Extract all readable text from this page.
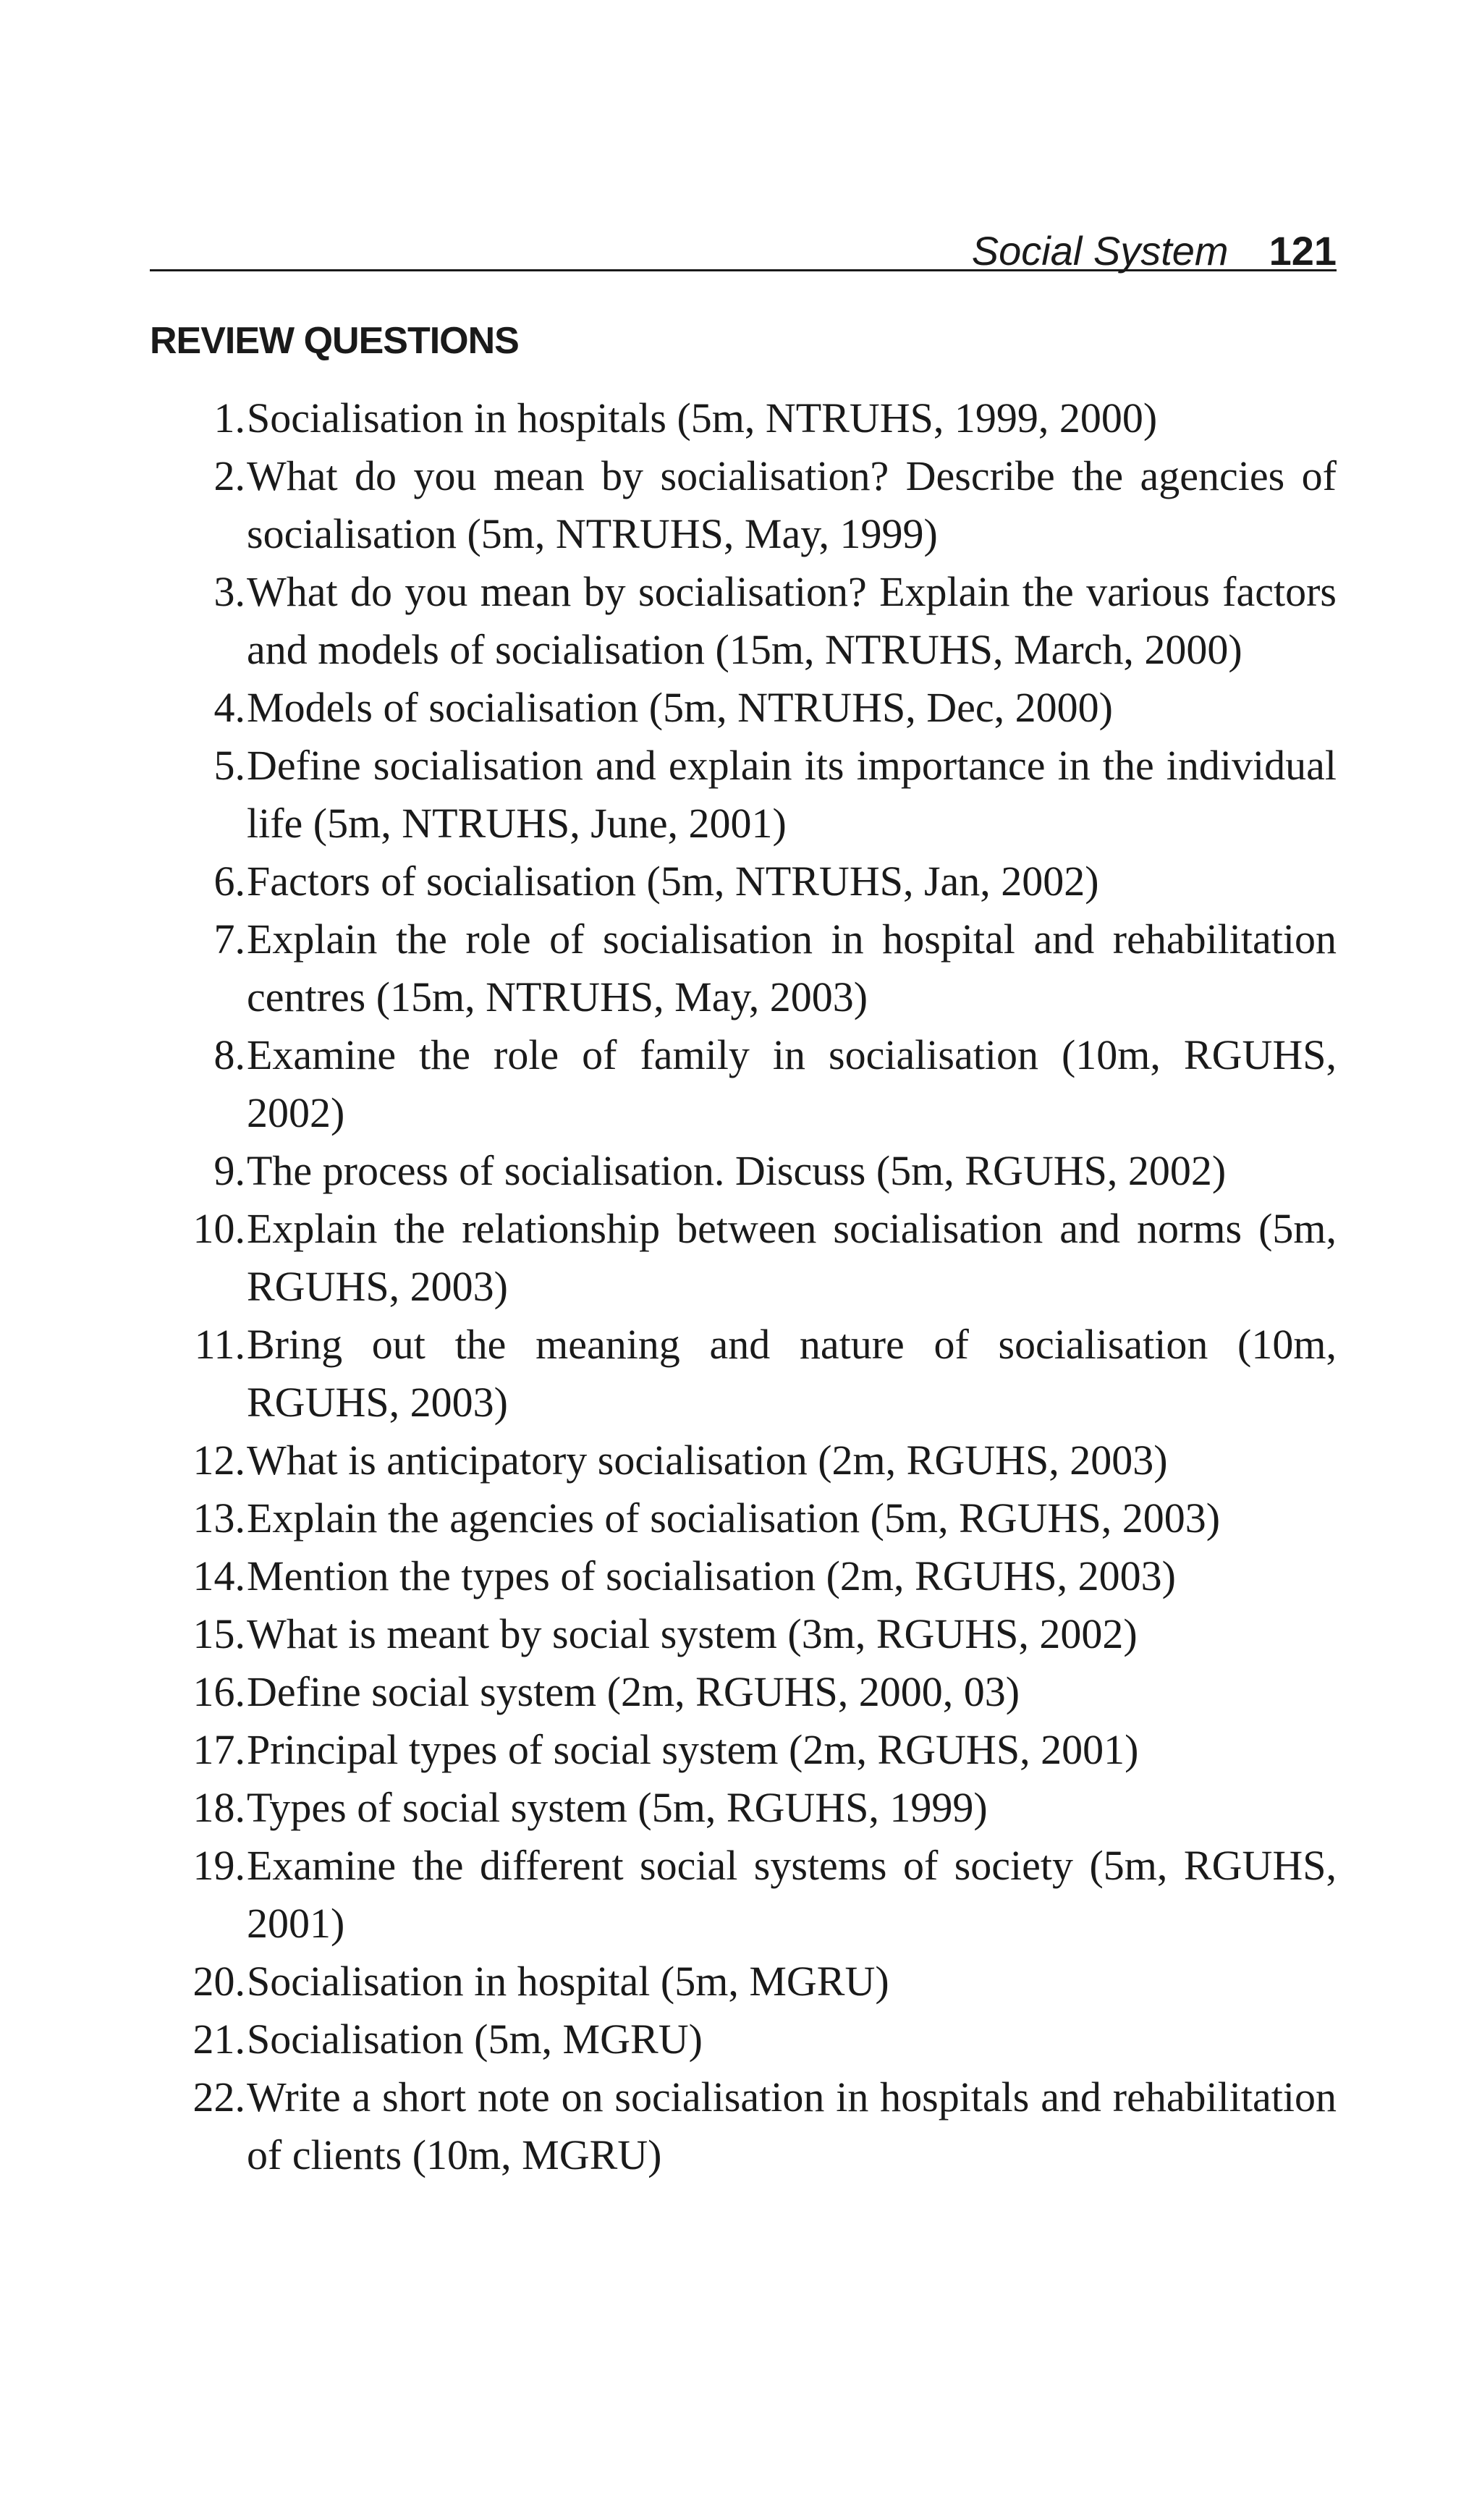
Social System 121
REVIEW QUESTIONS
1. Socialisation in hospitals (5m, NTRUHS, 1999, 2000)
2. What do you mean by socialisation? Describe the agencies of socialisation (5m, NTRUHS, May, 1999)
3. What do you mean by socialisation? Explain the various factors and models of socialisation (15m, NTRUHS, March, 2000)
4. Models of socialisation (5m, NTRUHS, Dec, 2000)
5. Define socialisation and explain its importance in the individual life (5m, NTRUHS, June, 2001)
6. Factors of socialisation (5m, NTRUHS, Jan, 2002)
7. Explain the role of socialisation in hospital and rehabilitation centres (15m, NTRUHS, May, 2003)
8. Examine the role of family in socialisation (10m, RGUHS, 2002)
9. The process of socialisation. Discuss (5m, RGUHS, 2002)
10. Explain the relationship between socialisation and norms (5m, RGUHS, 2003)
11. Bring out the meaning and nature of socialisation (10m, RGUHS, 2003)
12. What is anticipatory socialisation (2m, RGUHS, 2003)
13. Explain the agencies of socialisation (5m, RGUHS, 2003)
14. Mention the types of socialisation (2m, RGUHS, 2003)
15. What is meant by social system (3m, RGUHS, 2002)
16. Define social system (2m, RGUHS, 2000, 03)
17. Principal types of social system (2m, RGUHS, 2001)
18. Types of social system (5m, RGUHS, 1999)
19. Examine the different social systems of society (5m, RGUHS, 2001)
20. Socialisation in hospital (5m, MGRU)
21. Socialisation (5m, MGRU)
22. Write a short note on socialisation in hospitals and rehabilitation of clients (10m, MGRU)
